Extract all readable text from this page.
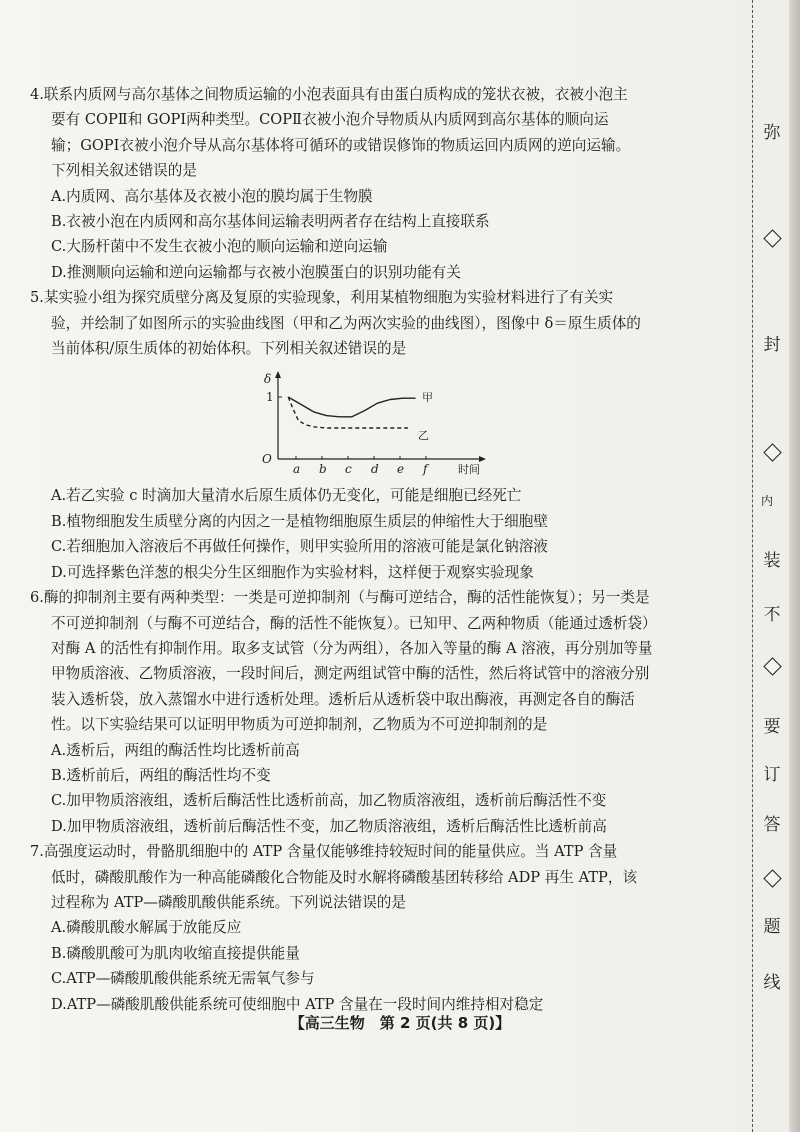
4.联系内质网与高尔基体之间物质运输的小泡表面具有由蛋白质构成的笼状衣被，衣被小泡主
要有 COPⅡ和 GOPⅠ两种类型。COPⅡ衣被小泡介导物质从内质网到高尔基体的顺向运
输；GOPⅠ衣被小泡介导从高尔基体将可循环的或错误修饰的物质运回内质网的逆向运输。
下列相关叙述错误的是
A.内质网、高尔基体及衣被小泡的膜均属于生物膜
B.衣被小泡在内质网和高尔基体间运输表明两者存在结构上直接联系
C.大肠杆菌中不发生衣被小泡的顺向运输和逆向运输
D.推测顺向运输和逆向运输都与衣被小泡膜蛋白的识别功能有关
5.某实验小组为探究质壁分离及复原的实验现象，利用某植物细胞为实验材料进行了有关实
验，并绘制了如图所示的实验曲线图（甲和乙为两次实验的曲线图），图像中 δ＝原生质体的
当前体积/原生质体的初始体积。下列相关叙述错误的是
δ
1
O
a b c d e f	时间
甲
乙
A.若乙实验 c 时滴加大量清水后原生质体仍无变化，可能是细胞已经死亡
B.植物细胞发生质壁分离的内因之一是植物细胞原生质层的伸缩性大于细胞壁
C.若细胞加入溶液后不再做任何操作，则甲实验所用的溶液可能是氯化钠溶液
D.可选择紫色洋葱的根尖分生区细胞作为实验材料，这样便于观察实验现象
6.酶的抑制剂主要有两种类型：一类是可逆抑制剂（与酶可逆结合，酶的活性能恢复）；另一类是
不可逆抑制剂（与酶不可逆结合，酶的活性不能恢复）。已知甲、乙两种物质（能通过透析袋）
对酶 A 的活性有抑制作用。取多支试管（分为两组），各加入等量的酶 A 溶液，再分别加等量
甲物质溶液、乙物质溶液，一段时间后，测定两组试管中酶的活性，然后将试管中的溶液分别
装入透析袋，放入蒸馏水中进行透析处理。透析后从透析袋中取出酶液，再测定各自的酶活
性。以下实验结果可以证明甲物质为可逆抑制剂，乙物质为不可逆抑制剂的是
A.透析后，两组的酶活性均比透析前高
B.透析前后，两组的酶活性均不变
C.加甲物质溶液组，透析后酶活性比透析前高，加乙物质溶液组，透析前后酶活性不变
D.加甲物质溶液组，透析前后酶活性不变，加乙物质溶液组，透析后酶活性比透析前高
7.高强度运动时，骨骼肌细胞中的 ATP 含量仅能够维持较短时间的能量供应。当 ATP 含量
低时，磷酸肌酸作为一种高能磷酸化合物能及时水解将磷酸基团转移给 ADP 再生 ATP，该
过程称为 ATP—磷酸肌酸供能系统。下列说法错误的是
A.磷酸肌酸水解属于放能反应
B.磷酸肌酸可为肌肉收缩直接提供能量
C.ATP—磷酸肌酸供能系统无需氧气参与
D.ATP—磷酸肌酸供能系统可使细胞中 ATP 含量在一段时间内维持相对稳定
【高三生物　第 2 页(共 8 页)】
弥
封
内
装
不
要
订
答
题
线
